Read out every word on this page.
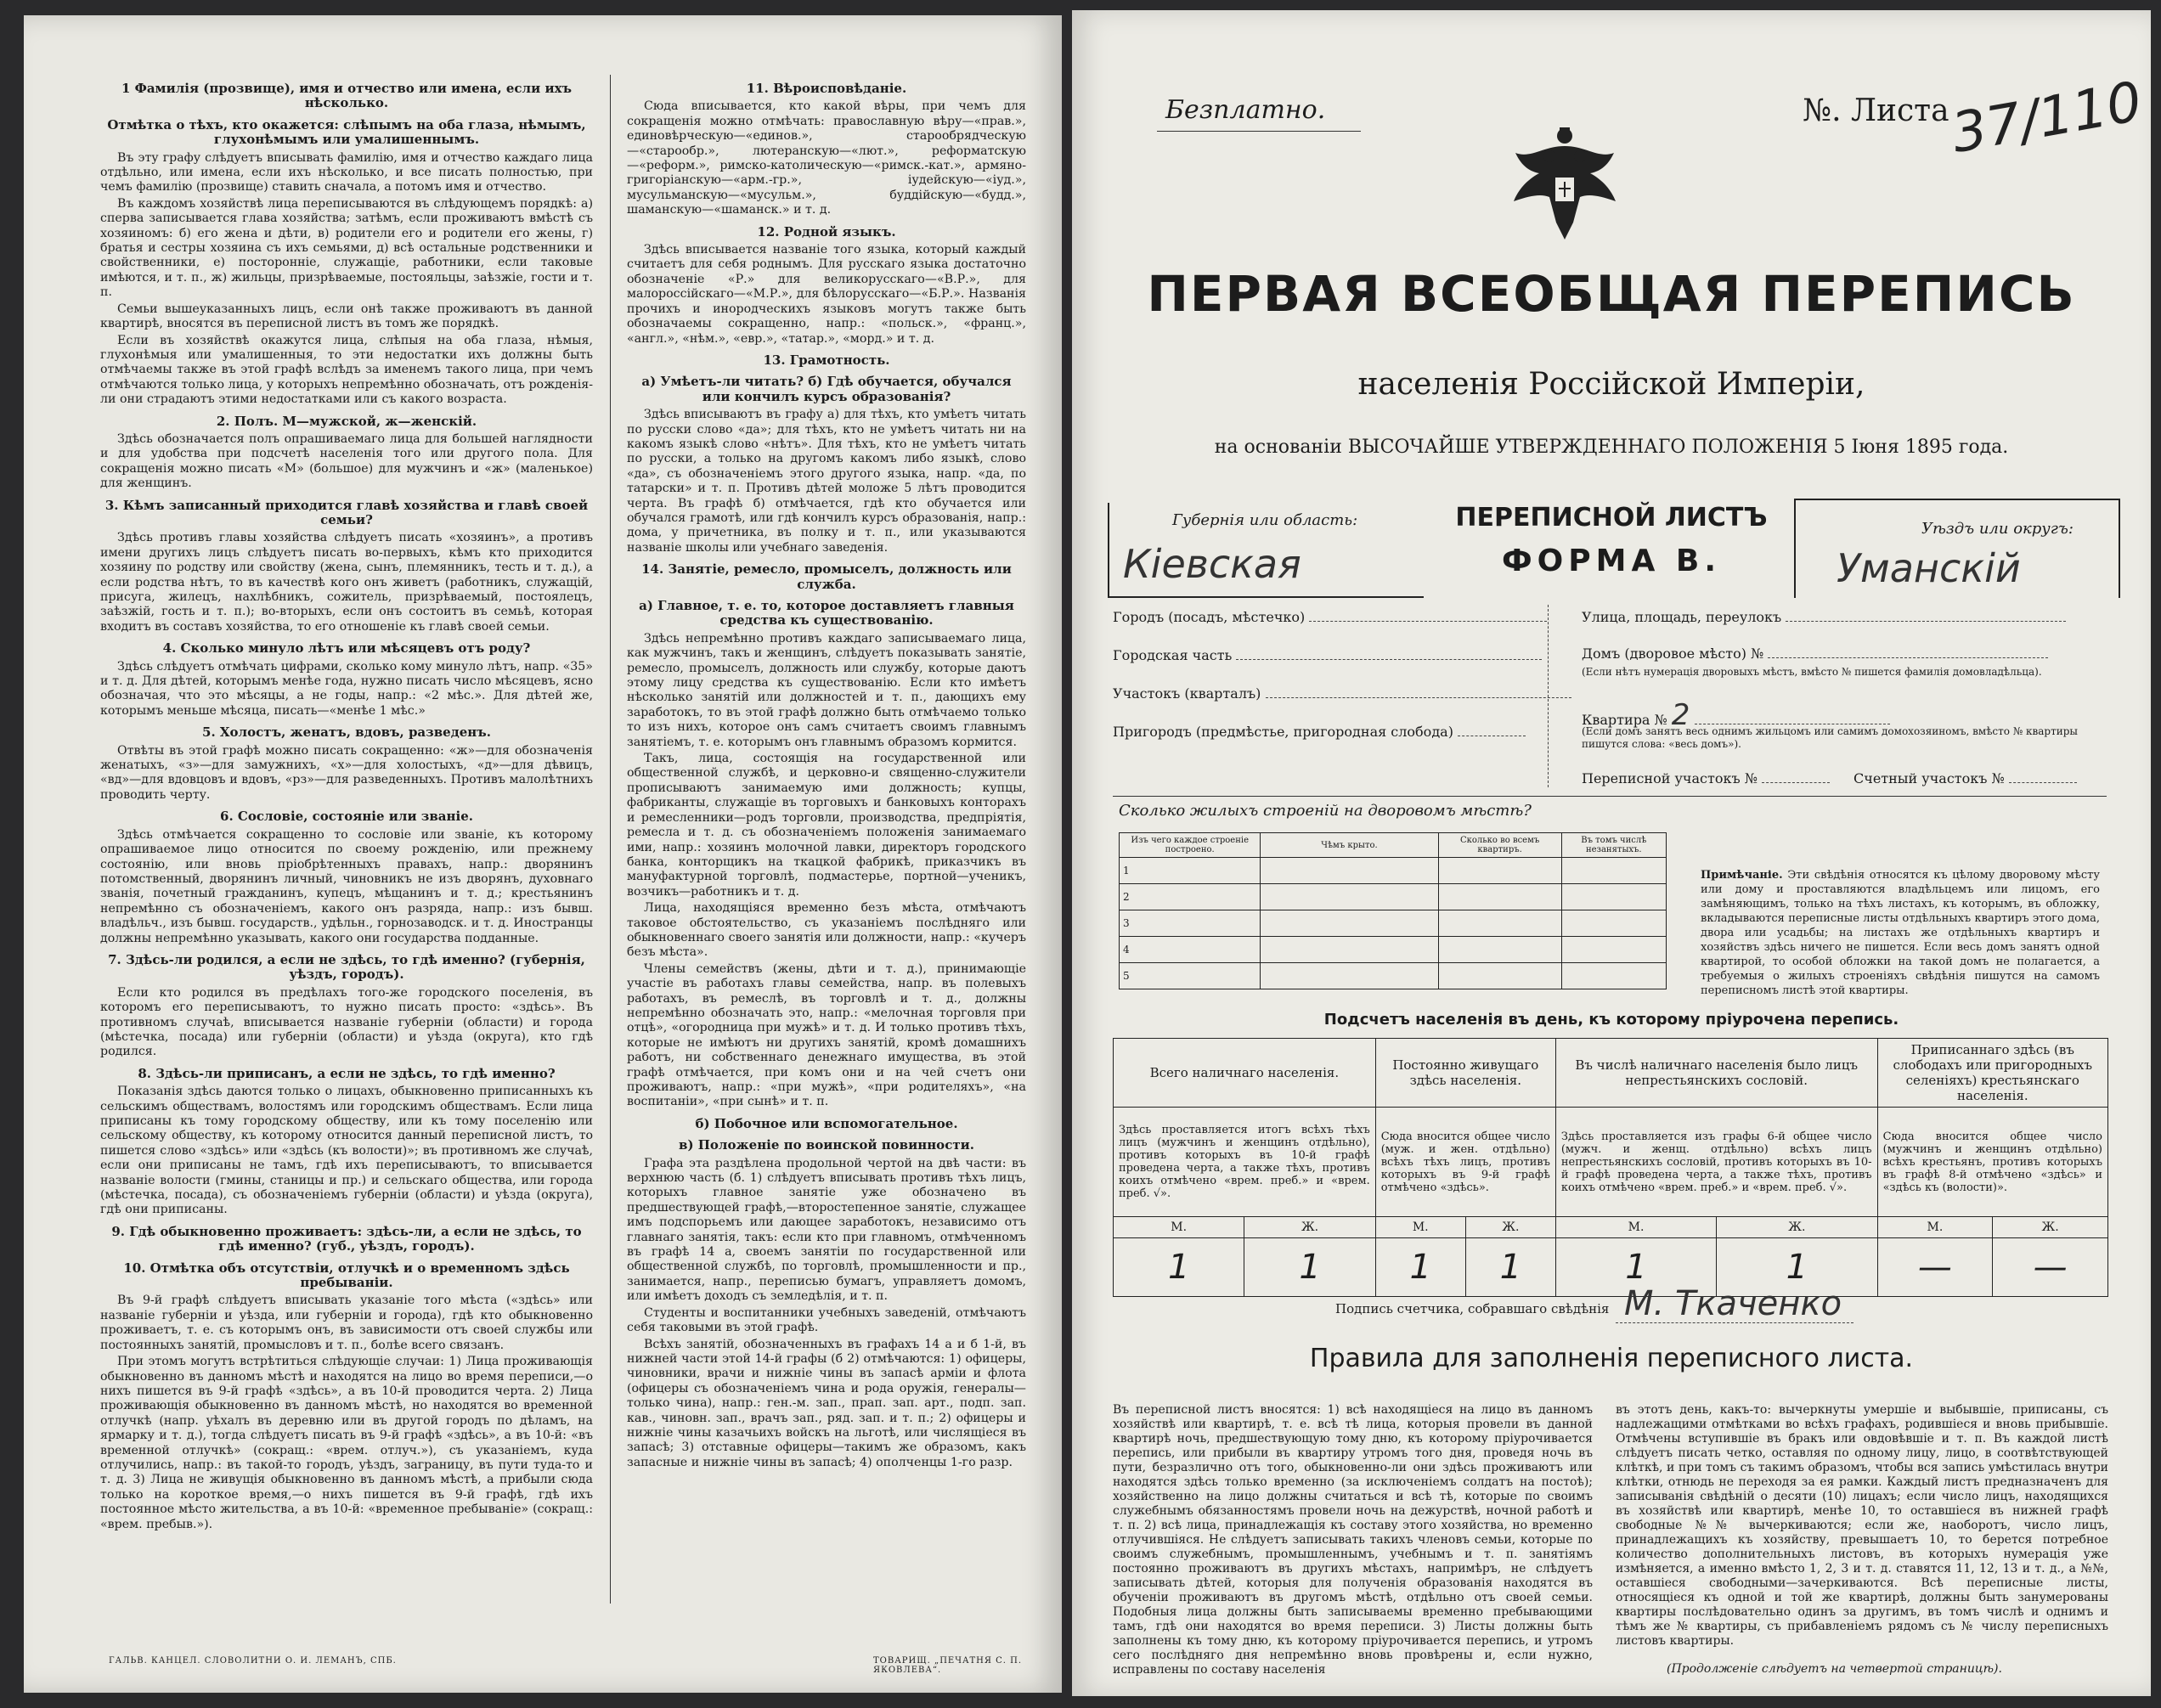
1 Фамилія (прозвище), имя и отчество или имена, если ихъ нѣсколько.
Отмѣтка о тѣхъ, кто окажется: слѣпымъ на оба глаза, нѣмымъ, глухонѣмымъ или умалишеннымъ.

Въ эту графу слѣдуетъ вписывать фамилію, имя и отчество каждаго лица отдѣльно, или имена, если ихъ нѣсколько, и все писать полностью, при чемъ фамилію (прозвище) ставить сначала, а потомъ имя и отчество.

Въ каждомъ хозяйствѣ лица переписываются въ слѣдующемъ порядкѣ: а) сперва записывается глава хозяйства; затѣмъ, если проживаютъ вмѣстѣ съ хозяиномъ: б) его жена и дѣти, в) родители его и родители его жены, г) братья и сестры хозяина съ ихъ семьями, д) всѣ остальные родственники и свойственники, е) посторонніе, служащіе, работники, если таковые имѣются, и т. п., ж) жильцы, призрѣваемые, постояльцы, заѣзжіе, гости и т. п.

Семьи вышеуказанныхъ лицъ, если онѣ также проживаютъ въ данной квартирѣ, вносятся въ переписной листъ въ томъ же порядкѣ.

Если въ хозяйствѣ окажутся лица, слѣпыя на оба глаза, нѣмыя, глухонѣмыя или умалишенныя, то эти недостатки ихъ должны быть отмѣчаемы также въ этой графѣ вслѣдъ за именемъ такого лица, при чемъ отмѣчаются только лица, у которыхъ непремѣнно обозначать, отъ рожденія-ли они страдаютъ этими недостатками или съ какого возраста.

2. Полъ. М—мужской, ж—женскій.

Здѣсь обозначается полъ опрашиваемаго лица для большей наглядности и для удобства при подсчетѣ населенія того или другого пола. Для сокращенія можно писать «М» (большое) для мужчинъ и «ж» (маленькое) для женщинъ.

3. Кѣмъ записанный приходится главѣ хозяйства и главѣ своей семьи?

Здѣсь противъ главы хозяйства слѣдуетъ писать «хозяинъ», а противъ имени другихъ лицъ слѣдуетъ писать во-первыхъ, кѣмъ кто приходится хозяину по родству или свойству (жена, сынъ, племянникъ, тесть и т. д.), а если родства нѣтъ, то въ качествѣ кого онъ живетъ (работникъ, служащій, присуга, жилецъ, нахлѣбникъ, сожитель, призрѣваемый, постоялецъ, заѣзжій, гость и т. п.); во-вторыхъ, если онъ состоитъ въ семьѣ, которая входитъ въ составъ хозяйства, то его отношеніе къ главѣ своей семьи.

4. Сколько минуло лѣтъ или мѣсяцевъ отъ роду?

Здѣсь слѣдуетъ отмѣчать цифрами, сколько кому минуло лѣтъ, напр. «35» и т. д. Для дѣтей, которымъ менѣе года, нужно писать число мѣсяцевъ, ясно обозначая, что это мѣсяцы, а не годы, напр.: «2 мѣс.». Для дѣтей же, которымъ меньше мѣсяца, писать—«менѣе 1 мѣс.»

5. Холостъ, женатъ, вдовъ, разведенъ.

Отвѣты въ этой графѣ можно писать сокращенно: «ж»—для обозначенія женатыхъ, «з»—для замужнихъ, «х»—для холостыхъ, «д»—для дѣвицъ, «вд»—для вдовцовъ и вдовъ, «рз»—для разведенныхъ. Противъ малолѣтнихъ проводить черту.

6. Сословіе, состояніе или званіе.

Здѣсь отмѣчается сокращенно то сословіе или званіе, къ которому опрашиваемое лицо относится по своему рожденію, или прежнему состоянію, или вновь пріобрѣтенныхъ правахъ, напр.: дворянинъ потомственный, дворянинъ личный, чиновникъ не изъ дворянъ, духовнаго званія, почетный гражданинъ, купецъ, мѣщанинъ и т. д.; крестьянинъ непремѣнно съ обозначеніемъ, какого онъ разряда, напр.: изъ бывш. владѣльч., изъ бывш. государств., удѣльн., горнозаводск. и т. д. Иностранцы должны непремѣнно указывать, какого они государства подданные.

7. Здѣсь-ли родился, а если не здѣсь, то гдѣ именно? (губернія, уѣздъ, городъ).

Если кто родился въ предѣлахъ того-же городского поселенія, въ которомъ его переписываютъ, то нужно писать просто: «здѣсь». Въ противномъ случаѣ, вписывается названіе губерніи (области) и города (мѣстечка, посада) или губерніи (области) и уѣзда (округа), кто гдѣ родился.

8. Здѣсь-ли приписанъ, а если не здѣсь, то гдѣ именно?

Показанія здѣсь даются только о лицахъ, обыкновенно приписанныхъ къ сельскимъ обществамъ, волостямъ или городскимъ обществамъ. Если лица приписаны къ тому городскому обществу, или къ тому поселенію или сельскому обществу, къ которому относится данный переписной листъ, то пишется слово «здѣсь» или «здѣсь (къ волости)»; въ противномъ же случаѣ, если они приписаны не тамъ, гдѣ ихъ переписываютъ, то вписывается названіе волости (гмины, станицы и пр.) и сельскаго общества, или города (мѣстечка, посада), съ обозначеніемъ губерніи (области) и уѣзда (округа), гдѣ они приписаны.

9. Гдѣ обыкновенно проживаетъ: здѣсь-ли, а если не здѣсь, то гдѣ именно? (губ., уѣздъ, городъ).
10. Отмѣтка объ отсутствіи, отлучкѣ и о временномъ здѣсь пребываніи.

Въ 9-й графѣ слѣдуетъ вписывать указаніе того мѣста («здѣсь» или названіе губерніи и уѣзда, или губерніи и города), гдѣ кто обыкновенно проживаетъ, т. е. съ которымъ онъ, въ зависимости отъ своей службы или постоянныхъ занятій, промысловъ и т. п., болѣе всего связанъ.

При этомъ могутъ встрѣтиться слѣдующіе случаи: 1) Лица проживающія обыкновенно въ данномъ мѣстѣ и находятся на лицо во время переписи,—о нихъ пишется въ 9-й графѣ «здѣсь», а въ 10-й проводится черта. 2) Лица проживающія обыкновенно въ данномъ мѣстѣ, но находятся во временной отлучкѣ (напр. уѣхалъ въ деревню или въ другой городъ по дѣламъ, на ярмарку и т. д.), тогда слѣдуетъ писать въ 9-й графѣ «здѣсь», а въ 10-й: «въ временной отлучкѣ» (сокращ.: «врем. отлуч.»), съ указаніемъ, куда отлучились, напр.: въ такой-то городъ, уѣздъ, заграницу, въ пути туда-то и т. д. 3) Лица не живущія обыкновенно въ данномъ мѣстѣ, а прибыли сюда только на короткое время,—о нихъ пишется въ 9-й графѣ, гдѣ ихъ постоянное мѣсто жительства, а въ 10-й: «временное пребываніе» (сокращ.: «врем. пребыв.»).

11. Вѣроисповѣданіе.

Сюда вписывается, кто какой вѣры, при чемъ для сокращенія можно отмѣчать: православную вѣру—«прав.», единовѣрческую—«единов.», старообрядческую—«старообр.», лютеранскую—«лют.», реформатскую—«реформ.», римско-католическую—«римск.-кат.», армяно-григоріанскую—«арм.-гр.», іудейскую—«іуд.», мусульманскую—«мусульм.», буддійскую—«будд.», шаманскую—«шаманск.» и т. д.

12. Родной языкъ.

Здѣсь вписывается названіе того языка, который каждый считаетъ для себя роднымъ. Для русскаго языка достаточно обозначеніе «Р.» для великорусскаго—«В.Р.», для малороссійскаго—«М.Р.», для бѣлорусскаго—«Б.Р.». Названія прочихъ и инородческихъ языковъ могутъ также быть обозначаемы сокращенно, напр.: «польск.», «франц.», «англ.», «нѣм.», «евр.», «татар.», «морд.» и т. д.

13. Грамотность.
а) Умѣетъ-ли читать? б) Гдѣ обучается, обучался или кончилъ курсъ образованія?

Здѣсь вписываютъ въ графу а) для тѣхъ, кто умѣетъ читать по русски слово «да»; для тѣхъ, кто не умѣетъ читать ни на какомъ языкѣ слово «нѣтъ». Для тѣхъ, кто не умѣетъ читать по русски, а только на другомъ какомъ либо языкѣ, слово «да», съ обозначеніемъ этого другого языка, напр. «да, по татарски» и т. п. Противъ дѣтей моложе 5 лѣтъ проводится черта. Въ графѣ б) отмѣчается, гдѣ кто обучается или обучался грамотѣ, или гдѣ кончилъ курсъ образованія, напр.: дома, у причетника, въ полку и т. п., или указываются названіе школы или учебнаго заведенія.

14. Занятіе, ремесло, промыселъ, должность или служба.
а) Главное, т. е. то, которое доставляетъ главныя средства къ существованію.

Здѣсь непремѣнно противъ каждаго записываемаго лица, как мужчинъ, такъ и женщинъ, слѣдуетъ показывать занятіе, ремесло, промыселъ, должность или службу, которые даютъ этому лицу средства къ существованію. Если кто имѣетъ нѣсколько занятій или должностей и т. п., дающихъ ему заработокъ, то въ этой графѣ должно быть отмѣчаемо только то изъ нихъ, которое онъ самъ считаетъ своимъ главнымъ занятіемъ, т. е. которымъ онъ главнымъ образомъ кормится.

Такъ, лица, состоящія на государственной или общественной службѣ, и церковно-и священно-служители прописываютъ занимаемую ими должность; купцы, фабриканты, служащіе въ торговыхъ и банковыхъ конторахъ и ремесленники—родъ торговли, производства, предпріятія, ремесла и т. д. съ обозначеніемъ положенія занимаемаго ими, напр.: хозяинъ молочной лавки, директоръ городского банка, конторщикъ на ткацкой фабрикѣ, приказчикъ въ мануфактурной торговлѣ, подмастерье, портной—ученикъ, возчикъ—работникъ и т. д.

Лица, находящіяся временно безъ мѣста, отмѣчаютъ таковое обстоятельство, съ указаніемъ послѣдняго или обыкновеннаго своего занятія или должности, напр.: «кучеръ безъ мѣста».

Члены семействъ (жены, дѣти и т. д.), принимающіе участіе въ работахъ главы семейства, напр. въ полевыхъ работахъ, въ ремеслѣ, въ торговлѣ и т. д., должны непремѣнно обозначать это, напр.: «мелочная торговля при отцѣ», «огородница при мужѣ» и т. д. И только противъ тѣхъ, которые не имѣютъ ни другихъ занятій, кромѣ домашнихъ работъ, ни собственнаго денежнаго имущества, въ этой графѣ отмѣчается, при комъ они и на чей счетъ они проживаютъ, напр.: «при мужѣ», «при родителяхъ», «на воспитаніи», «при сынѣ» и т. п.

б) Побочное или вспомогательное.
в) Положеніе по воинской повинности.

Графа эта раздѣлена продольной чертой на двѣ части: въ верхнюю часть (б. 1) слѣдуетъ вписывать противъ тѣхъ лицъ, которыхъ главное занятіе уже обозначено въ предшествующей графѣ,—второстепенное занятіе, служащее имъ подспорьемъ или дающее заработокъ, независимо отъ главнаго занятія, такъ: если кто при главномъ, отмѣченномъ въ графѣ 14 а, своемъ занятіи по государственной или общественной службѣ, по торговлѣ, промышленности и пр., занимается, напр., переписью бумагъ, управляетъ домомъ, или имѣетъ доходъ съ земледѣлія, и т. п.

Студенты и воспитанники учебныхъ заведеній, отмѣчаютъ себя таковыми въ этой графѣ.

Всѣхъ занятій, обозначенныхъ въ графахъ 14 а и б 1-й, въ нижней части этой 14-й графы (б 2) отмѣчаются: 1) офицеры, чиновники, врачи и нижніе чины въ запасѣ арміи и флота (офицеры съ обозначеніемъ чина и рода оружія, генералы—только чина), напр.: ген.-м. зап., прап. зап. арт., подп. зап. кав., чиновн. зап., врачъ зап., ряд. зап. и т. п.; 2) офицеры и нижніе чины казачьихъ войскъ на льготѣ, или числящіеся въ запасѣ; 3) отставные офицеры—такимъ же образомъ, какъ запасные и нижніе чины въ запасѣ; 4) ополченцы 1-го разр.

ГАЛЬВ. КАНЦЕЛ. СЛОВОЛИТНИ О. И. ЛЕМАНЪ, СПБ.	ТОВАРИЩ. „ПЕЧАТНЯ С. П. ЯКОВЛЕВА“.
Безплатно.	№. Листа
37/110
ПЕРВАЯ ВСЕОБЩАЯ ПЕРЕПИСЬ
населенія Россійской Имперіи,
на основаніи ВЫСОЧАЙШЕ УТВЕРЖДЕННАГО ПОЛОЖЕНІЯ 5 Іюня 1895 года.
Губернія или область:
Кіевская
ПЕРЕПИСНОЙ ЛИСТЪ
ФОРМА В.
Уѣздъ или округъ:
Уманскій
Городъ (посадъ, мѣстечко)
Городская часть
Участокъ (кварталъ)
Пригородъ (предмѣстье, пригородная слобода)
Улица, площадь, переулокъ
Домъ (дворовое мѣсто) №
(Если нѣтъ нумерація дворовыхъ мѣстъ, вмѣсто № пишется фамилія домовладѣльца).
Квартира № 2
(Если домъ занятъ весь однимъ жильцомъ или самимъ домохозяиномъ, вмѣсто № квартиры пишутся слова: «весь домъ»).
Переписной участокъ №	Счетный участокъ №
Сколько жилыхъ строеній на дворовомъ мѣстѣ?
Изъ чего каждое строеніе построено.	Чѣмъ крыто.	Сколько во всемъ квартиръ.	Въ томъ числѣ незанятыхъ.
1			
2			
3			
4			
5			
Примѣчаніе. Эти свѣдѣнія относятся къ цѣлому дворовому мѣсту или дому и проставляются владѣльцемъ или лицомъ, его замѣняющимъ, только на тѣхъ листахъ, къ которымъ, въ обложку, вкладываются переписные листы отдѣльныхъ квартиръ этого дома, двора или усадьбы; на листахъ же отдѣльныхъ квартиръ и хозяйствъ здѣсь ничего не пишется. Если весь домъ занятъ одной квартирой, то особой обложки на такой домъ не полагается, а требуемыя о жилыхъ строеніяхъ свѣдѣнія пишутся на самомъ переписномъ листѣ этой квартиры.
Подсчетъ населенія въ день, къ которому пріурочена перепись.
Всего наличнаго населенія.		Постоянно живущаго здѣсь населенія.		Въ числѣ наличнаго населенія было лицъ непрестьянскихъ сословій.		Приписаннаго здѣсь (въ слободахъ или пригородныхъ селеніяхъ) крестьянскаго населенія.	
Здѣсь проставляется итогъ всѣхъ тѣхъ лицъ (мужчинъ и женщинъ отдѣльно), противъ которыхъ въ 10-й графѣ проведена черта, а также тѣхъ, противъ коихъ отмѣчено «врем. преб.» и «врем. преб. √».		Сюда вносится общее число (муж. и жен. отдѣльно) всѣхъ тѣхъ лицъ, противъ которыхъ въ 9-й графѣ отмѣчено «здѣсь».		Здѣсь проставляется изъ графы 6-й общее число (мужч. и женщ. отдѣльно) всѣхъ лицъ непрестьянскихъ сословій, противъ которыхъ въ 10-й графѣ проведена черта, а также тѣхъ, противъ коихъ отмѣчено «врем. преб.» и «врем. преб. √».		Сюда вносится общее число (мужчинъ и женщинъ отдѣльно) всѣхъ крестьянъ, противъ которыхъ въ графѣ 8-й отмѣчено «здѣсь» и «здѣсь къ (волости)».	
М.	Ж.	М.	Ж.	М.	Ж.	М.	Ж.
1	1	1	1	1	1	—	—
Подпись счетчика, собравшаго свѣдѣнія М. Ткаченко
Правила для заполненія переписного листа.
Въ переписной листъ вносятся: 1) всѣ находящіеся на лицо въ данномъ хозяйствѣ или квартирѣ, т. е. всѣ тѣ лица, которыя провели въ данной квартирѣ ночь, предшествующую тому дню, къ которому пріурочивается перепись, или прибыли въ квартиру утромъ того дня, проведя ночь въ пути, безразлично отъ того, обыкновенно-ли они здѣсь проживаютъ или находятся здѣсь только временно (за исключеніемъ солдатъ на постоѣ); хозяйственно на лицо должны считаться и всѣ тѣ, которые по своимъ служебнымъ обязанностямъ провели ночь на дежурствѣ, ночной работѣ и т. п. 2) всѣ лица, принадлежащія къ составу этого хозяйства, но временно отлучившіяся. Не слѣдуетъ записывать такихъ членовъ семьи, которые по своимъ служебнымъ, промышленнымъ, учебнымъ и т. п. занятіямъ постоянно проживаютъ въ другихъ мѣстахъ, напримѣръ, не слѣдуетъ записывать дѣтей, которыя для полученія образованія находятся въ обученіи проживаютъ въ другомъ мѣстѣ, отдѣльно отъ своей семьи. Подобныя лица должны быть записываемы временно пребывающими тамъ, гдѣ они находятся во время переписи. 3) Листы должны быть заполнены къ тому дню, къ которому пріурочивается перепись, и утромъ сего послѣдняго дня непремѣнно вновь провѣрены и, если нужно, исправлены по составу населенія
въ этотъ день, какъ-то: вычеркнуты умершіе и выбывшіе, приписаны, съ надлежащими отмѣтками во всѣхъ графахъ, родившіеся и вновь прибывшіе. Отмѣчены вступившіе въ бракъ или овдовѣвшіе и т. п. Въ каждой листѣ слѣдуетъ писать четко, оставляя по одному лицу, лицо, в соотвѣтствующей клѣткѣ, и при томъ съ такимъ образомъ, чтобы вся запись умѣстилась внутри клѣтки, отнюдь не переходя за ея рамки. Каждый листъ предназначенъ для записыванія свѣдѣній о десяти (10) лицахъ; если число лицъ, находящихся въ хозяйствѣ или квартирѣ, менѣе 10, то оставшіеся въ нижней графѣ свободные №№ вычеркиваются; если же, наоборотъ, число лицъ, принадлежащихъ къ хозяйству, превышаетъ 10, то берется потребное количество дополнительныхъ листовъ, въ которыхъ нумерація уже измѣняется, а именно вмѣсто 1, 2, 3 и т. д. ставятся 11, 12, 13 и т. д., а №№, оставшіеся свободными—зачеркиваются. Всѣ переписные листы, относящіеся къ одной и той же квартирѣ, должны быть занумерованы квартиры послѣдовательно одинъ за другимъ, въ томъ числѣ и однимъ и тѣмъ же № квартиры, съ прибавленіемъ рядомъ съ № числу переписныхъ листовъ квартиры.
(Продолженіе слѣдуетъ на четвертой страницѣ).
